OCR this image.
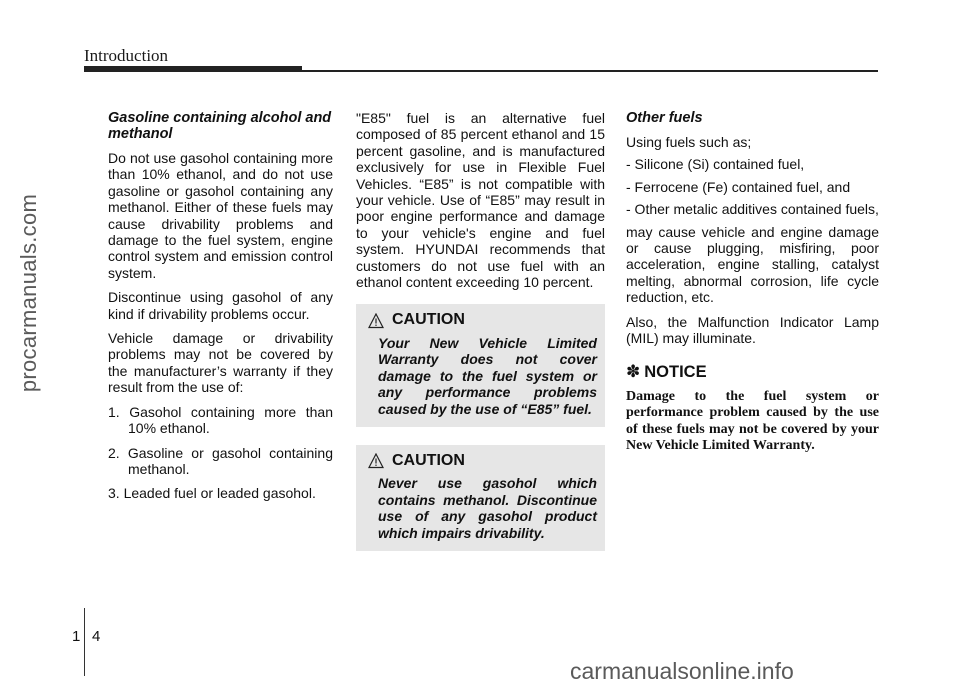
Introduction
procarmanuals.com
Gasoline containing alcohol and methanol

Do not use gasohol containing more than 10% ethanol, and do not use gasoline or gasohol containing any methanol. Either of these fuels may cause drivability problems and damage to the fuel system, engine control system and emission control system.

Discontinue using gasohol of any kind if drivability problems occur.

Vehicle damage or drivability problems may not be covered by the manufacturer’s warranty if they result from the use of:

1. Gasohol containing more than 10% ethanol.
2. Gasoline or gasohol containing methanol.
3. Leaded fuel or leaded gasohol.

"E85" fuel is an alternative fuel composed of 85 percent ethanol and 15 percent gasoline, and is manufactured exclusively for use in Flexible Fuel Vehicles. “E85” is not compatible with your vehicle. Use of “E85” may result in poor engine performance and damage to your vehicle's engine and fuel system. HYUNDAI recommends that customers do not use fuel with an ethanol content exceeding 10 percent.

CAUTION
Your New Vehicle Limited Warranty does not cover damage to the fuel system or any performance problems caused by the use of “E85” fuel.
CAUTION
Never use gasohol which contains methanol. Discontinue use of any gasohol product which impairs drivability.
Other fuels

Using fuels such as;

- Silicone (Si) contained fuel,
- Ferrocene (Fe) contained fuel, and
- Other metalic additives contained fuels,

may cause vehicle and engine damage or cause plugging, misfiring, poor acceleration, engine stalling, catalyst melting, abnormal corrosion, life cycle reduction, etc.

Also, the Malfunction Indicator Lamp (MIL) may illuminate.

✽ NOTICE
Damage to the fuel system or performance problem caused by the use of these fuels may not be covered by your New Vehicle Limited Warranty.
1 4
carmanualsonline.info
